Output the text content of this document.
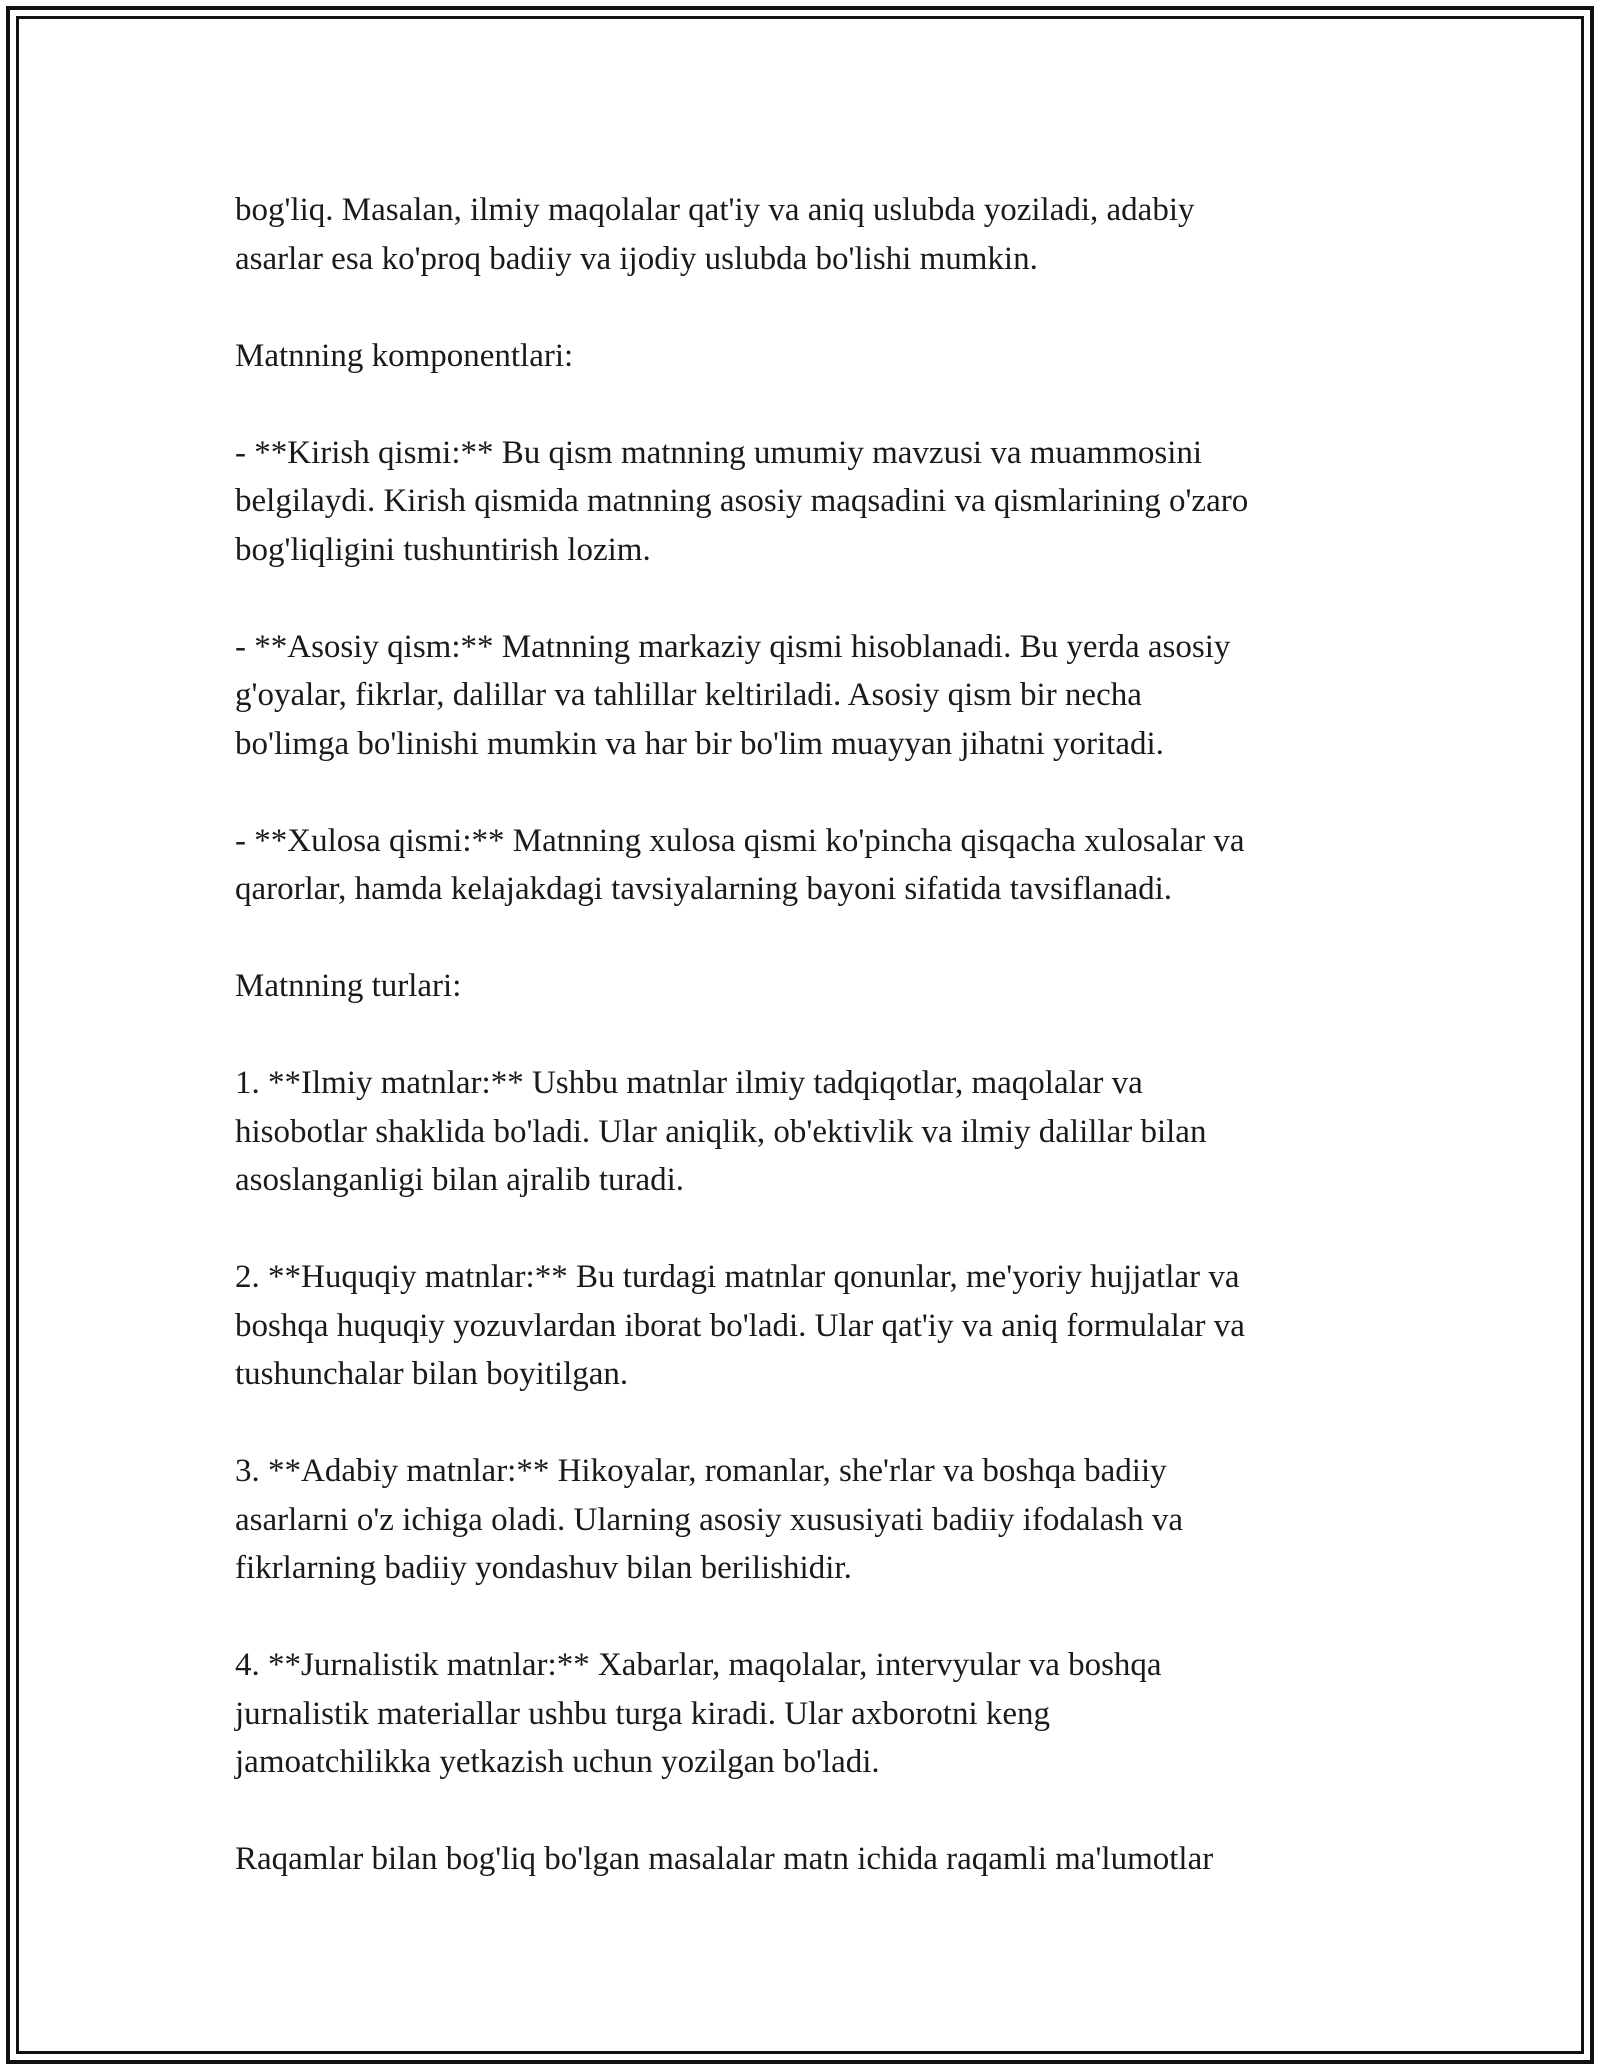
bog'liq. Masalan, ilmiy maqolalar qat'iy va aniq uslubda yoziladi, adabiy
asarlar esa ko'proq badiiy va ijodiy uslubda bo'lishi mumkin.

Matnning komponentlari:

- **Kirish qismi:** Bu qism matnning umumiy mavzusi va muammosini
belgilaydi. Kirish qismida matnning asosiy maqsadini va qismlarining o'zaro
bog'liqligini tushuntirish lozim.

- **Asosiy qism:** Matnning markaziy qismi hisoblanadi. Bu yerda asosiy
g'oyalar, fikrlar, dalillar va tahlillar keltiriladi. Asosiy qism bir necha
bo'limga bo'linishi mumkin va har bir bo'lim muayyan jihatni yoritadi.

- **Xulosa qismi:** Matnning xulosa qismi ko'pincha qisqacha xulosalar va
qarorlar, hamda kelajakdagi tavsiyalarning bayoni sifatida tavsiflanadi.

Matnning turlari:

1. **Ilmiy matnlar:** Ushbu matnlar ilmiy tadqiqotlar, maqolalar va
hisobotlar shaklida bo'ladi. Ular aniqlik, ob'ektivlik va ilmiy dalillar bilan
asoslanganligi bilan ajralib turadi.

2. **Huquqiy matnlar:** Bu turdagi matnlar qonunlar, me'yoriy hujjatlar va
boshqa huquqiy yozuvlardan iborat bo'ladi. Ular qat'iy va aniq formulalar va
tushunchalar bilan boyitilgan.

3. **Adabiy matnlar:** Hikoyalar, romanlar, she'rlar va boshqa badiiy
asarlarni o'z ichiga oladi. Ularning asosiy xususiyati badiiy ifodalash va
fikrlarning badiiy yondashuv bilan berilishidir.

4. **Jurnalistik matnlar:** Xabarlar, maqolalar, intervyular va boshqa
jurnalistik materiallar ushbu turga kiradi. Ular axborotni keng
jamoatchilikka yetkazish uchun yozilgan bo'ladi.

Raqamlar bilan bog'liq bo'lgan masalalar matn ichida raqamli ma'lumotlar
